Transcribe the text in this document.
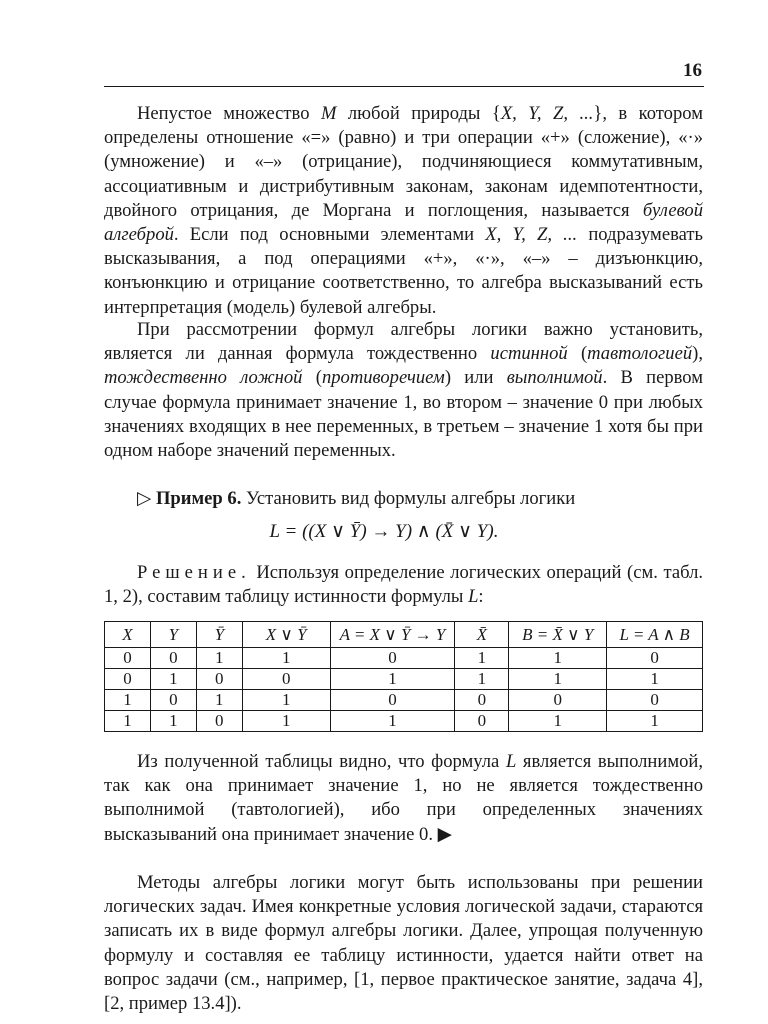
16

Непустое множество M любой природы {X, Y, Z, ...}, в котором определены отношение «=» (равно) и три операции «+» (сложение), «·» (умножение) и «–» (отрицание), подчиняющиеся коммутативным, ассоциативным и дистрибутивным законам, законам идемпотентности, двойного отрицания, де Моргана и поглощения, называется булевой алгеброй. Если под основными элементами X, Y, Z, ... подразумевать высказывания, а под операциями «+», «·», «–» – дизъюнкцию, конъюнкцию и отрицание соответственно, то алгебра высказываний есть интерпретация (модель) булевой алгебры.

При рассмотрении формул алгебры логики важно установить, является ли данная формула тождественно истинной (тавтологией), тождественно ложной (противоречием) или выполнимой. В первом случае формула принимает значение 1, во втором – значение 0 при любых значениях входящих в нее переменных, в третьем – значение 1 хотя бы при одном наборе значений переменных.

▷ Пример 6. Установить вид формулы алгебры логики

L = ((X ∨ Ȳ) → Y) ∧ (X̄ ∨ Y).

Решение. Используя определение логических операций (см. табл. 1, 2), составим таблицу истинности формулы L:

X	Y	Ȳ	X ∨ Ȳ	A = X ∨ Ȳ → Y	X̄	B = X̄ ∨ Y	L = A ∧ B
0	0	1	1	0	1	1	0
0	1	0	0	1	1	1	1
1	0	1	1	0	0	0	0
1	1	0	1	1	0	1	1

Из полученной таблицы видно, что формула L является выполнимой, так как она принимает значение 1, но не является тождественно выполнимой (тавтологией), ибо при определенных значениях высказываний она принимает значение 0. ▶

Методы алгебры логики могут быть использованы при решении логических задач. Имея конкретные условия логической задачи, стараются записать их в виде формул алгебры логики. Далее, упрощая полученную формулу и составляя ее таблицу истинности, удается найти ответ на вопрос задачи (см., например, [1, первое практическое занятие, задача 4], [2, пример 13.4]).
